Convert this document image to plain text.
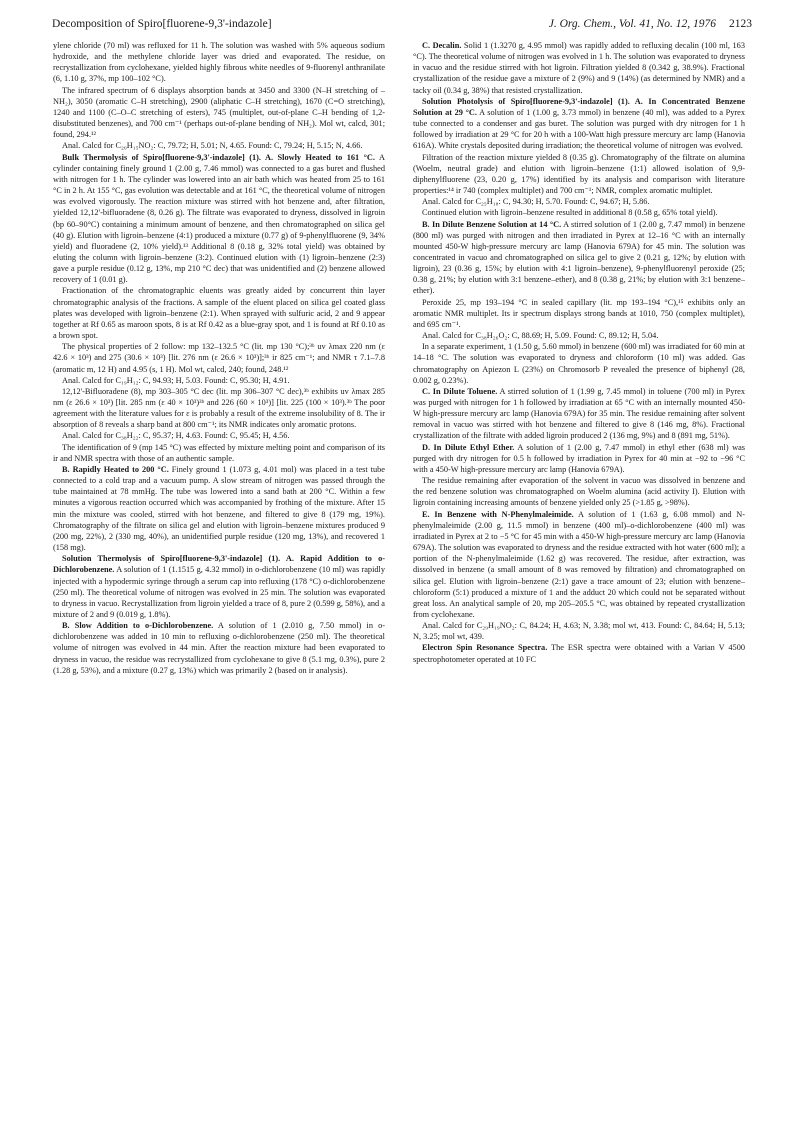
Decomposition of Spiro[fluorene-9,3'-indazole]	J. Org. Chem., Vol. 41, No. 12, 1976 2123

ylene chloride (70 ml) was refluxed for 11 h. The solution was washed with 5% aqueous sodium hydroxide, and the methylene chloride layer was dried and evaporated. The residue, on recrystallization from cyclohexane, yielded highly fibrous white needles of 9-fluorenyl anthranilate (6, 1.10 g, 37%, mp 100–102 °C).

The infrared spectrum of 6 displays absorption bands at 3450 and 3300 (N–H stretching of –NH₂), 3050 (aromatic C–H stretching), 2900 (aliphatic C–H stretching), 1670 (C=O stretching), 1240 and 1100 (C–O–C stretching of esters), 745 (multiplet, out-of-plane C–H bending of 1,2-disubstituted benzenes), and 700 cm⁻¹ (perhaps out-of-plane bending of NH₂). Mol wt, calcd, 301; found, 294.¹²

Anal. Calcd for C₂₀H₁₅NO₂: C, 79.72; H, 5.01; N, 4.65. Found: C, 79.24; H, 5.15; N, 4.66.

Bulk Thermolysis of Spiro[fluorene-9,3'-indazole] (1). A. Slowly Heated to 161 °C. A cylinder containing finely ground 1 (2.00 g, 7.46 mmol) was connected to a gas buret and flushed with nitrogen for 1 h. The cylinder was lowered into an air bath which was heated from 25 to 161 °C in 2 h. At 155 °C, gas evolution was detectable and at 161 °C, the theoretical volume of nitrogen was evolved vigorously. The reaction mixture was stirred with hot benzene and, after filtration, yielded 12,12'-bifluoradene (8, 0.26 g). The filtrate was evaporated to dryness, dissolved in ligroin (bp 60–90°C) containing a minimum amount of benzene, and then chromatographed on silica gel (40 g). Elution with ligroin–benzene (4:1) produced a mixture (0.77 g) of 9-phenylfluorene (9, 34% yield) and fluoradene (2, 10% yield).¹³ Additional 8 (0.18 g, 32% total yield) was obtained by eluting the column with ligroin–benzene (3:2). Continued elution with (1) ligroin–benzene (2:3) gave a purple residue (0.12 g, 13%, mp 210 °C dec) that was unidentified and (2) benzene allowed recovery of 1 (0.01 g).

Fractionation of the chromatographic eluents was greatly aided by concurrent thin layer chromatographic analysis of the fractions. A sample of the eluent placed on silica gel coated glass plates was developed with ligroin–benzene (2:1). When sprayed with sulfuric acid, 2 and 9 appear together at Rf 0.65 as maroon spots, 8 is at Rf 0.42 as a blue-gray spot, and 1 is found at Rf 0.10 as a brown spot.

The physical properties of 2 follow: mp 132–132.5 °C (lit. mp 130 °C);³ᵇ uv λmax 220 nm (ε 42.6 × 10³) and 275 (30.6 × 10³) [lit. 276 nm (ε 26.6 × 10³)];³ᵇ ir 825 cm⁻¹; and NMR τ 7.1–7.8 (aromatic m, 12 H) and 4.95 (s, 1 H). Mol wt, calcd, 240; found, 248.¹²

Anal. Calcd for C₁₉H₁₂: C, 94.93; H, 5.03. Found: C, 95.30; H, 4.91.

12,12'-Bifluoradene (8), mp 303–305 °C dec (lit. mp 306–307 °C dec),³ᵇ exhibits uv λmax 285 nm (ε 26.6 × 10³) [lit. 285 nm (ε 40 × 10³)³ᵇ and 226 (60 × 10³)] [lit. 225 (100 × 10³).³ᵇ The poor agreement with the literature values for ε is probably a result of the extreme insolubility of 8. The ir absorption of 8 reveals a sharp band at 800 cm⁻¹; its NMR indicates only aromatic protons.

Anal. Calcd for C₃₈H₂₂: C, 95.37; H, 4.63. Found: C, 95.45; H, 4.56.

The identification of 9 (mp 145 °C) was effected by mixture melting point and comparison of its ir and NMR spectra with those of an authentic sample.

B. Rapidly Heated to 200 °C. Finely ground 1 (1.073 g, 4.01 mol) was placed in a test tube connected to a cold trap and a vacuum pump. A slow stream of nitrogen was passed through the tube maintained at 78 mmHg. The tube was lowered into a sand bath at 200 °C. Within a few minutes a vigorous reaction occurred which was accompanied by frothing of the mixture. After 15 min the mixture was cooled, stirred with hot benzene, and filtered to give 8 (179 mg, 19%). Chromatography of the filtrate on silica gel and elution with ligroin–benzene mixtures produced 9 (200 mg, 22%), 2 (330 mg, 40%), an unidentified purple residue (120 mg, 13%), and recovered 1 (158 mg).

Solution Thermolysis of Spiro[fluorene-9,3'-indazole] (1). A. Rapid Addition to o-Dichlorobenzene. A solution of 1 (1.1515 g, 4.32 mmol) in o-dichlorobenzene (10 ml) was rapidly injected with a hypodermic syringe through a serum cap into refluxing (178 °C) o-dichlorobenzene (250 ml). The theoretical volume of nitrogen was evolved in 25 min. The solution was evaporated to dryness in vacuo. Recrystallization from ligroin yielded a trace of 8, pure 2 (0.599 g, 58%), and a mixture of 2 and 9 (0.019 g, 1.8%).

B. Slow Addition to o-Dichlorobenzene. A solution of 1 (2.010 g, 7.50 mmol) in o-dichlorobenzene was added in 10 min to refluxing o-dichlorobenzene (250 ml). The theoretical volume of nitrogen was evolved in 44 min. After the reaction mixture had been evaporated to dryness in vacuo, the residue was recrystallized from cyclohexane to give 8 (5.1 mg, 0.3%), pure 2 (1.28 g, 53%), and a mixture (0.27 g, 13%) which was primarily 2 (based on ir analysis).

C. Decalin. Solid 1 (1.3270 g, 4.95 mmol) was rapidly added to refluxing decalin (100 ml, 163 °C). The theoretical volume of nitrogen was evolved in 1 h. The solution was evaporated to dryness in vacuo and the residue stirred with hot ligroin. Filtration yielded 8 (0.342 g, 38.9%). Fractional crystallization of the residue gave a mixture of 2 (9%) and 9 (14%) (as determined by NMR) and a tacky oil (0.34 g, 38%) that resisted crystallization.

Solution Photolysis of Spiro[fluorene-9,3'-indazole] (1). A. In Concentrated Benzene Solution at 29 °C. A solution of 1 (1.00 g, 3.73 mmol) in benzene (40 ml), was added to a Pyrex tube connected to a condenser and gas buret. The solution was purged with dry nitrogen for 1 h followed by irradiation at 29 °C for 20 h with a 100-Watt high pressure mercury arc lamp (Hanovia 616A). White crystals deposited during irradiation; the theoretical volume of nitrogen was evolved.

Filtration of the reaction mixture yielded 8 (0.35 g). Chromatography of the filtrate on alumina (Woelm, neutral grade) and elution with ligroin–benzene (1:1) allowed isolation of 9,9-diphenylfluorene (23, 0.20 g, 17%) identified by its analysis and comparison with literature properties:¹⁴ ir 740 (complex multiplet) and 700 cm⁻¹; NMR, complex aromatic multiplet.

Anal. Calcd for C₂₅H₁₈: C, 94.30; H, 5.70. Found: C, 94.67; H, 5.86.

Continued elution with ligroin–benzene resulted in additional 8 (0.58 g, 65% total yield).

B. In Dilute Benzene Solution at 14 °C. A stirred solution of 1 (2.00 g, 7.47 mmol) in benzene (800 ml) was purged with nitrogen and then irradiated in Pyrex at 12–16 °C with an internally mounted 450-W high-pressure mercury arc lamp (Hanovia 679A) for 45 min. The solution was concentrated in vacuo and chromatographed on silica gel to give 2 (0.21 g, 12%; by elution with ligroin), 23 (0.36 g, 15%; by elution with 4:1 ligroin–benzene), 9-phenylfluorenyl peroxide (25; 0.38 g, 21%; by elution with 3:1 benzene–ether), and 8 (0.38 g, 21%; by elution with 3:1 benzene–ether).

Peroxide 25, mp 193–194 °C in sealed capillary (lit. mp 193–194 °C),¹⁵ exhibits only an aromatic NMR multiplet. Its ir spectrum displays strong bands at 1010, 750 (complex multiplet), and 695 cm⁻¹.

Anal. Calcd for C₃₈H₂₆O₂: C, 88.69; H, 5.09. Found: C, 89.12; H, 5.04.

In a separate experiment, 1 (1.50 g, 5.60 mmol) in benzene (600 ml) was irradiated for 60 min at 14–18 °C. The solution was evaporated to dryness and chloroform (10 ml) was added. Gas chromatography on Apiezon L (23%) on Chromosorb P revealed the presence of biphenyl (28, 0.002 g, 0.23%).

C. In Dilute Toluene. A stirred solution of 1 (1.99 g, 7.45 mmol) in toluene (700 ml) in Pyrex was purged with nitrogen for 1 h followed by irradiation at 65 °C with an internally mounted 450-W high-pressure mercury arc lamp (Hanovia 679A) for 35 min. The residue remaining after solvent removal in vacuo was stirred with hot benzene and filtered to give 8 (146 mg, 8%). Fractional crystallization of the filtrate with added ligroin produced 2 (136 mg, 9%) and 8 (891 mg, 51%).

D. In Dilute Ethyl Ether. A solution of 1 (2.00 g, 7.47 mmol) in ethyl ether (638 ml) was purged with dry nitrogen for 0.5 h followed by irradiation in Pyrex for 40 min at −92 to −96 °C with a 450-W high-pressure mercury arc lamp (Hanovia 679A).

The residue remaining after evaporation of the solvent in vacuo was dissolved in benzene and the red benzene solution was chromatographed on Woelm alumina (acid activity I). Elution with ligroin containing increasing amounts of benzene yielded only 25 (>1.85 g, >98%).

E. In Benzene with N-Phenylmaleimide. A solution of 1 (1.63 g, 6.08 mmol) and N-phenylmaleimide (2.00 g, 11.5 mmol) in benzene (400 ml)–o-dichlorobenzene (400 ml) was irradiated in Pyrex at 2 to −5 °C for 45 min with a 450-W high-pressure mercury arc lamp (Hanovia 679A). The solution was evaporated to dryness and the residue extracted with hot water (600 ml); a portion of the N-phenylmaleimide (1.62 g) was recovered. The residue, after extraction, was dissolved in benzene (a small amount of 8 was removed by filtration) and chromatographed on silica gel. Elution with ligroin–benzene (2:1) gave a trace amount of 23; elution with benzene–chloroform (5:1) produced a mixture of 1 and the adduct 20 which could not be separated without great loss. An analytical sample of 20, mp 205–205.5 °C, was obtained by repeated crystallization from cyclohexane.

Anal. Calcd for C₂₉H₁₉NO₂: C, 84.24; H, 4.63; N, 3.38; mol wt, 413. Found: C, 84.64; H, 5.13; N, 3.25; mol wt, 439.

Electron Spin Resonance Spectra. The ESR spectra were obtained with a Varian V 4500 spectrophotometer operated at 10 FC
